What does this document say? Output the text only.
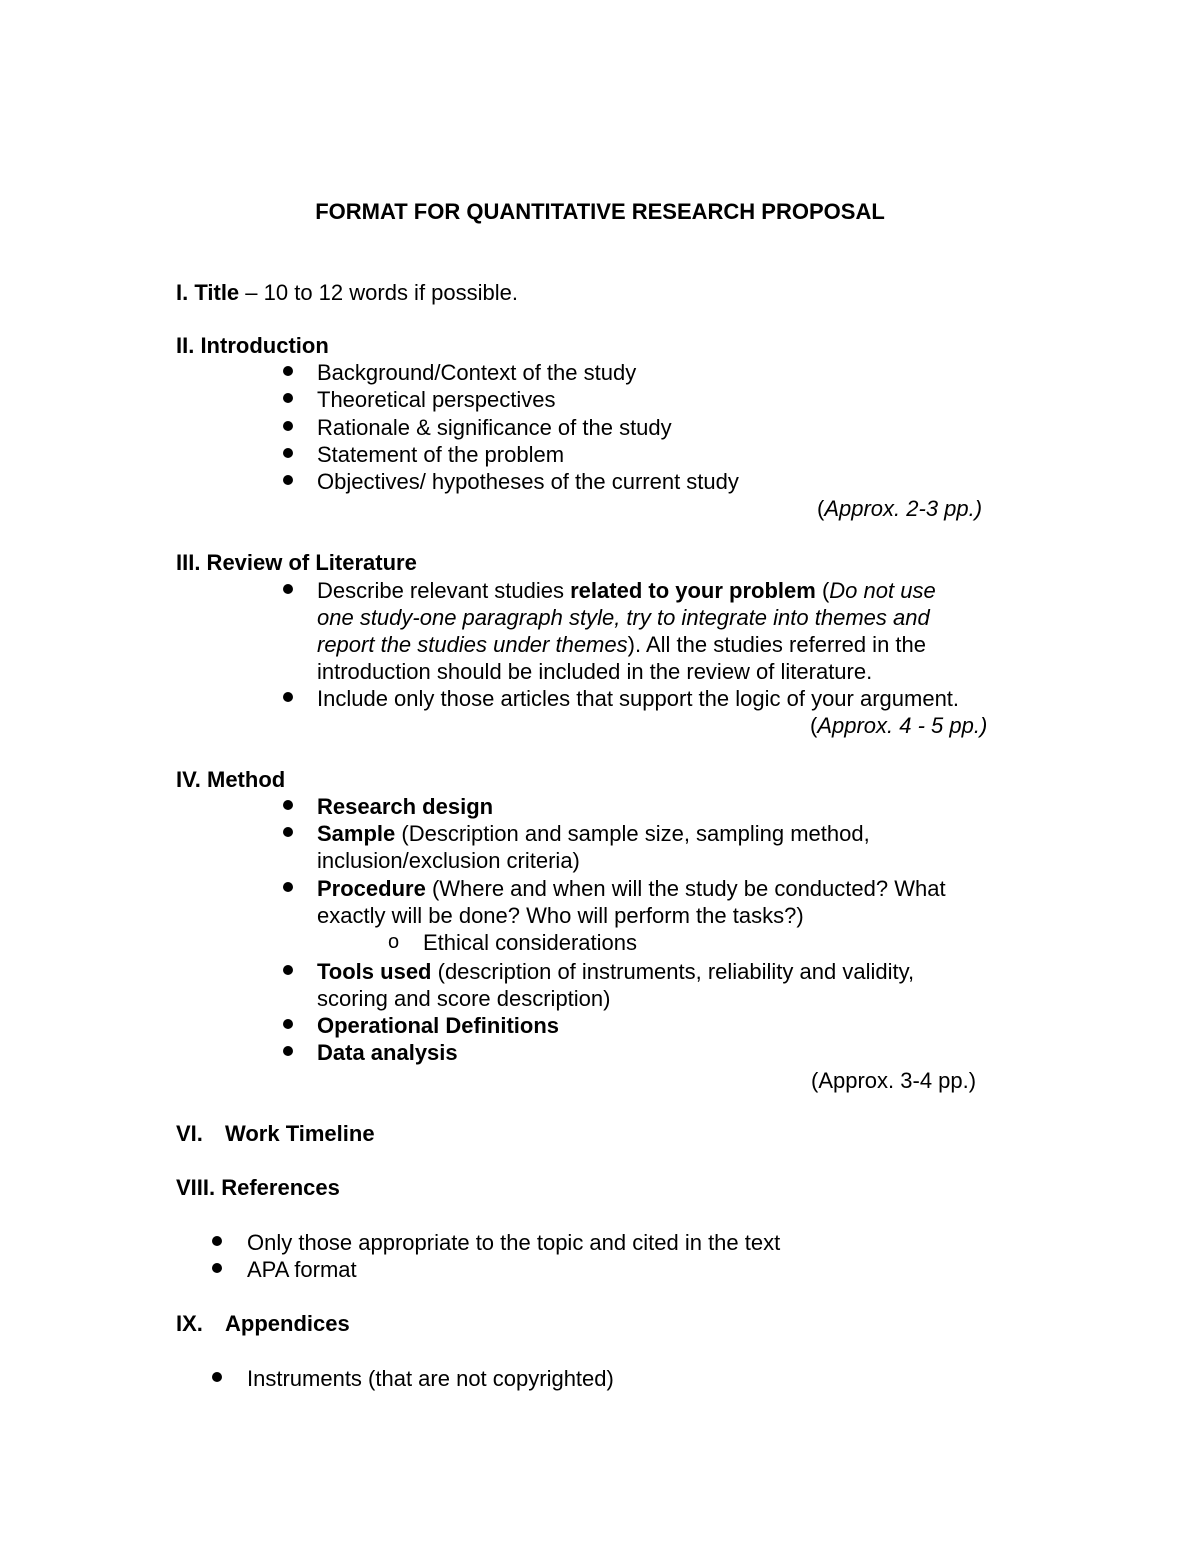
FORMAT FOR QUANTITATIVE RESEARCH PROPOSAL
I. Title – 10 to 12 words if possible.
II. Introduction
Background/Context of the study
Theoretical perspectives
Rationale & significance of the study
Statement of the problem
Objectives/ hypotheses of the current study
(Approx. 2-3 pp.)
III. Review of Literature
Describe relevant studies related to your problem (Do not use
one study-one paragraph style, try to integrate into themes and
report the studies under themes). All the studies referred in the
introduction should be included in the review of literature.
Include only those articles that support the logic of your argument.
(Approx. 4 - 5 pp.)
IV. Method
Research design
Sample (Description and sample size, sampling method,
inclusion/exclusion criteria)
Procedure (Where and when will the study be conducted? What
exactly will be done? Who will perform the tasks?)
o Ethical considerations
Tools used (description of instruments, reliability and validity,
scoring and score description)
Operational Definitions
Data analysis
(Approx. 3-4 pp.)
VI. Work Timeline
VIII. References
Only those appropriate to the topic and cited in the text
APA format
IX. Appendices
Instruments (that are not copyrighted)
